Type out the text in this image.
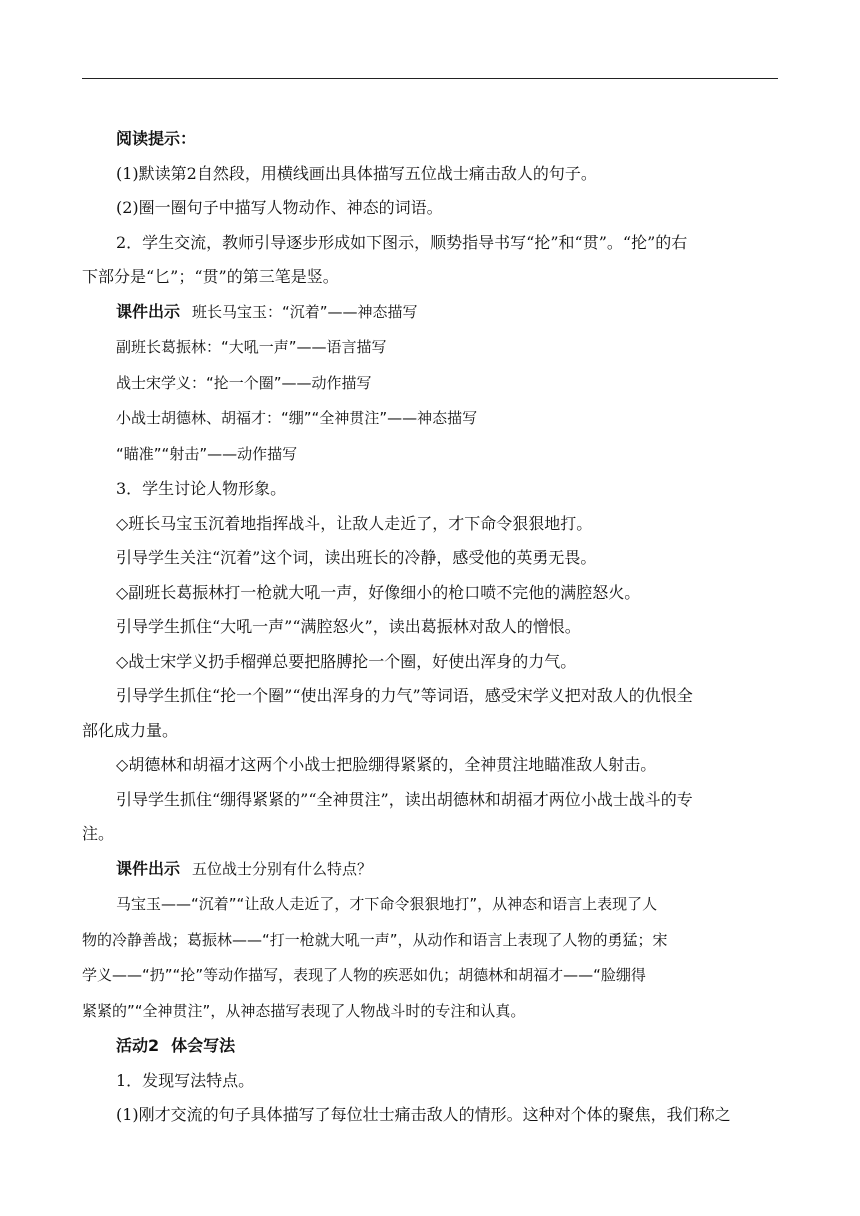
阅读提示：
(1)默读第2自然段，用横线画出具体描写五位战士痛击敌人的句子。
(2)圈一圈句子中描写人物动作、神态的词语。
2．学生交流，教师引导逐步形成如下图示，顺势指导书写“抡”和“贯”。“抡”的右
下部分是“匕”；“贯”的第三笔是竖。
课件出示 班长马宝玉：“沉着”——神态描写
副班长葛振林：“大吼一声”——语言描写
战士宋学义：“抡一个圈”——动作描写
小战士胡德林、胡福才：“绷”“全神贯注”——神态描写
“瞄准”“射击”——动作描写
3．学生讨论人物形象。
◇班长马宝玉沉着地指挥战斗，让敌人走近了，才下命令狠狠地打。
引导学生关注“沉着”这个词，读出班长的冷静，感受他的英勇无畏。
◇副班长葛振林打一枪就大吼一声，好像细小的枪口喷不完他的满腔怒火。
引导学生抓住“大吼一声”“满腔怒火”，读出葛振林对敌人的憎恨。
◇战士宋学义扔手榴弹总要把胳膊抡一个圈，好使出浑身的力气。
引导学生抓住“抡一个圈”“使出浑身的力气”等词语，感受宋学义把对敌人的仇恨全
部化成力量。
◇胡德林和胡福才这两个小战士把脸绷得紧紧的，全神贯注地瞄准敌人射击。
引导学生抓住“绷得紧紧的”“全神贯注”，读出胡德林和胡福才两位小战士战斗的专
注。
课件出示 五位战士分别有什么特点？
马宝玉——“沉着”“让敌人走近了，才下命令狠狠地打”，从神态和语言上表现了人
物的冷静善战；葛振林——“打一枪就大吼一声”，从动作和语言上表现了人物的勇猛；宋
学义——“扔”“抡”等动作描写，表现了人物的疾恶如仇；胡德林和胡福才——“脸绷得
紧紧的”“全神贯注”，从神态描写表现了人物战斗时的专注和认真。
活动2 体会写法
1．发现写法特点。
(1)刚才交流的句子具体描写了每位壮士痛击敌人的情形。这种对个体的聚焦，我们称之
